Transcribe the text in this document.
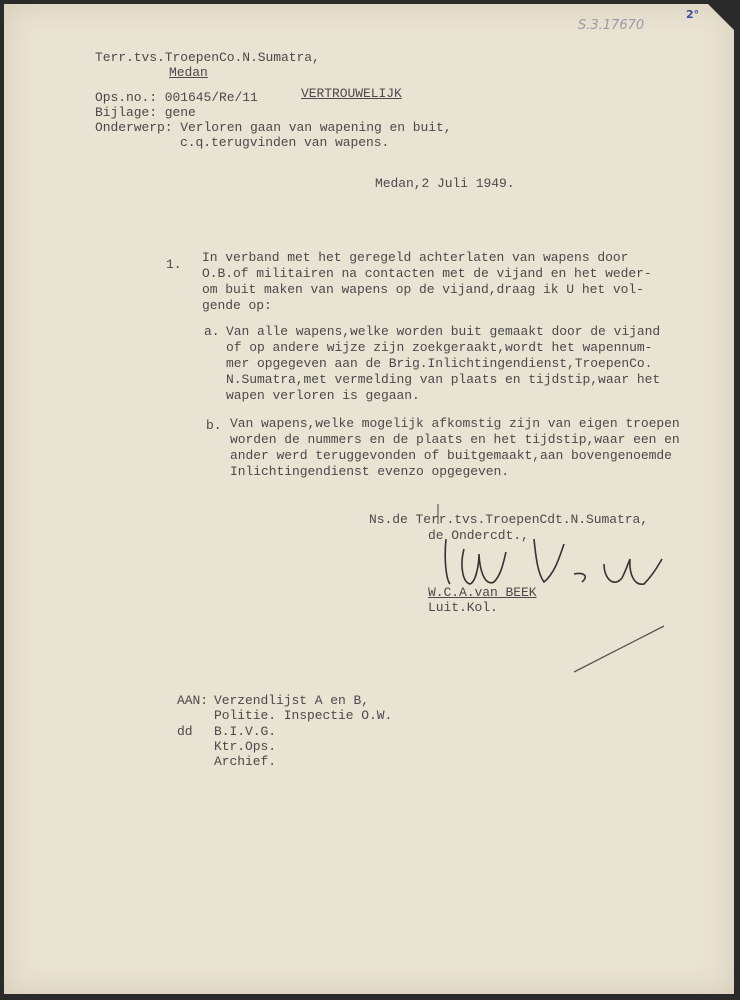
S.3.17670
2°
Terr.tvs.TroepenCo.N.Sumatra,
Medan
Ops.no.: 001645/Re/11	VERTROUWELIJK
Bijlage: gene
Onderwerp: Verloren gaan van wapening en buit,
c.q.terugvinden van wapens.
Medan,2 Juli 1949.
1. In verband met het geregeld achterlaten van wapens door
O.B.of militairen na contacten met de vijand en het weder-
om buit maken van wapens op de vijand,draag ik U het vol-
gende op:
a. Van alle wapens,welke worden buit gemaakt door de vijand
of op andere wijze zijn zoekgeraakt,wordt het wapennum-
mer opgegeven aan de Brig.Inlichtingendienst,TroepenCo.
N.Sumatra,met vermelding van plaats en tijdstip,waar het
wapen verloren is gegaan.
b. Van wapens,welke mogelijk afkomstig zijn van eigen troepen
worden de nummers en de plaats en het tijdstip,waar een en
ander werd teruggevonden of buitgemaakt,aan bovengenoemde
Inlichtingendienst evenzo opgegeven.
Ns.de Terr.tvs.TroepenCdt.N.Sumatra,
de Ondercdt.,
W.C.A.van BEEK
Luit.Kol.
AAN: Verzendlijst A en B,
Politie. Inspectie O.W.
dd B.I.V.G.
Ktr.Ops.
Archief.
